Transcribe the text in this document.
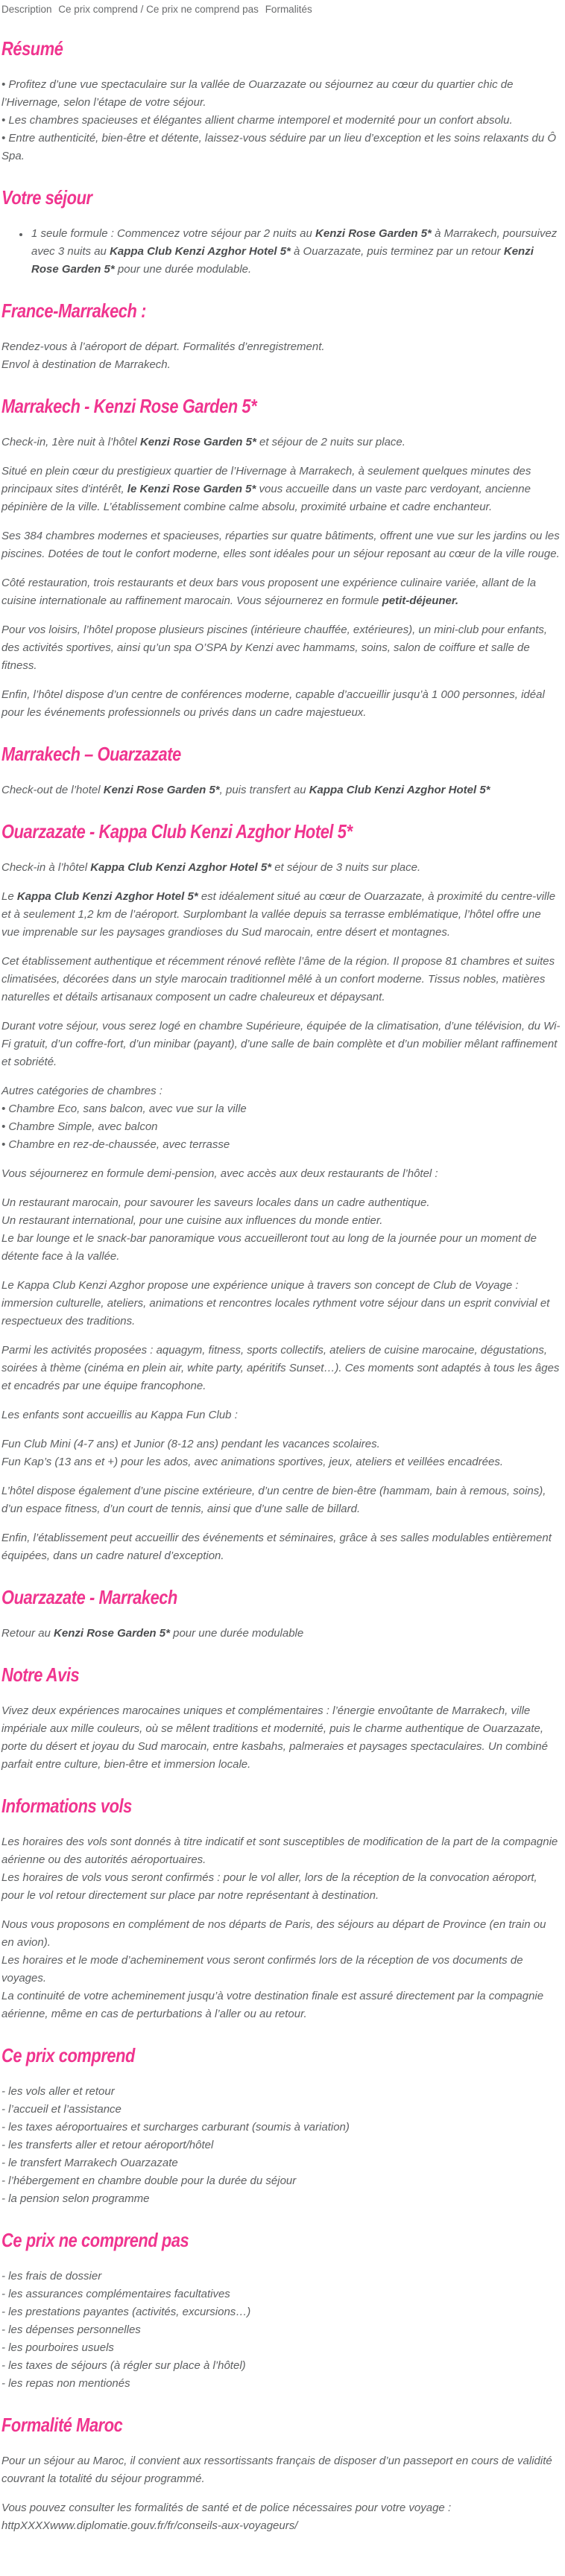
Description Ce prix comprend / Ce prix ne comprend pas Formalités
Résumé

• Profitez d’une vue spectaculaire sur la vallée de Ouarzazate ou séjournez au cœur du quartier chic de l’Hivernage, selon l’étape de votre séjour.
• Les chambres spacieuses et élégantes allient charme intemporel et modernité pour un confort absolu.
• Entre authenticité, bien-être et détente, laissez-vous séduire par un lieu d’exception et les soins relaxants du Ô Spa.

Votre séjour
• 1 seule formule : Commencez votre séjour par 2 nuits au Kenzi Rose Garden 5* à Marrakech, poursuivez avec 3 nuits au Kappa Club Kenzi Azghor Hotel 5* à Ouarzazate, puis terminez par un retour Kenzi Rose Garden 5* pour une durée modulable.
France-Marrakech :

Rendez-vous à l’aéroport de départ. Formalités d’enregistrement.
Envol à destination de Marrakech.

Marrakech - Kenzi Rose Garden 5*

Check-in, 1ère nuit à l’hôtel Kenzi Rose Garden 5* et séjour de 2 nuits sur place.

Situé en plein cœur du prestigieux quartier de l’Hivernage à Marrakech, à seulement quelques minutes des principaux sites d'intérêt, le Kenzi Rose Garden 5* vous accueille dans un vaste parc verdoyant, ancienne pépinière de la ville. L’établissement combine calme absolu, proximité urbaine et cadre enchanteur.

Ses 384 chambres modernes et spacieuses, réparties sur quatre bâtiments, offrent une vue sur les jardins ou les piscines. Dotées de tout le confort moderne, elles sont idéales pour un séjour reposant au cœur de la ville rouge.

Côté restauration, trois restaurants et deux bars vous proposent une expérience culinaire variée, allant de la cuisine internationale au raffinement marocain. Vous séjournerez en formule petit-déjeuner.

Pour vos loisirs, l’hôtel propose plusieurs piscines (intérieure chauffée, extérieures), un mini-club pour enfants, des activités sportives, ainsi qu’un spa O’SPA by Kenzi avec hammams, soins, salon de coiffure et salle de fitness.

Enfin, l’hôtel dispose d’un centre de conférences moderne, capable d’accueillir jusqu’à 1 000 personnes, idéal pour les événements professionnels ou privés dans un cadre majestueux.

Marrakech – Ouarzazate

Check-out de l’hotel Kenzi Rose Garden 5*, puis transfert au Kappa Club Kenzi Azghor Hotel 5*

Ouarzazate - Kappa Club Kenzi Azghor Hotel 5*

Check-in à l’hôtel Kappa Club Kenzi Azghor Hotel 5* et séjour de 3 nuits sur place.

Le Kappa Club Kenzi Azghor Hotel 5* est idéalement situé au cœur de Ouarzazate, à proximité du centre-ville et à seulement 1,2 km de l’aéroport. Surplombant la vallée depuis sa terrasse emblématique, l’hôtel offre une vue imprenable sur les paysages grandioses du Sud marocain, entre désert et montagnes.

Cet établissement authentique et récemment rénové reflète l’âme de la région. Il propose 81 chambres et suites climatisées, décorées dans un style marocain traditionnel mêlé à un confort moderne. Tissus nobles, matières naturelles et détails artisanaux composent un cadre chaleureux et dépaysant.

Durant votre séjour, vous serez logé en chambre Supérieure, équipée de la climatisation, d’une télévision, du Wi-Fi gratuit, d’un coffre-fort, d’un minibar (payant), d’une salle de bain complète et d’un mobilier mêlant raffinement et sobriété.

Autres catégories de chambres :
• Chambre Eco, sans balcon, avec vue sur la ville
• Chambre Simple, avec balcon
• Chambre en rez-de-chaussée, avec terrasse

Vous séjournerez en formule demi-pension, avec accès aux deux restaurants de l’hôtel :

Un restaurant marocain, pour savourer les saveurs locales dans un cadre authentique.
Un restaurant international, pour une cuisine aux influences du monde entier.
Le bar lounge et le snack-bar panoramique vous accueilleront tout au long de la journée pour un moment de détente face à la vallée.

Le Kappa Club Kenzi Azghor propose une expérience unique à travers son concept de Club de Voyage : immersion culturelle, ateliers, animations et rencontres locales rythment votre séjour dans un esprit convivial et respectueux des traditions.

Parmi les activités proposées : aquagym, fitness, sports collectifs, ateliers de cuisine marocaine, dégustations, soirées à thème (cinéma en plein air, white party, apéritifs Sunset…). Ces moments sont adaptés à tous les âges et encadrés par une équipe francophone.

Les enfants sont accueillis au Kappa Fun Club :

Fun Club Mini (4-7 ans) et Junior (8-12 ans) pendant les vacances scolaires.
Fun Kap’s (13 ans et +) pour les ados, avec animations sportives, jeux, ateliers et veillées encadrées.

L’hôtel dispose également d’une piscine extérieure, d’un centre de bien-être (hammam, bain à remous, soins), d’un espace fitness, d’un court de tennis, ainsi que d’une salle de billard.

Enfin, l’établissement peut accueillir des événements et séminaires, grâce à ses salles modulables entièrement équipées, dans un cadre naturel d’exception.

Ouarzazate - Marrakech

Retour au Kenzi Rose Garden 5* pour une durée modulable

Notre Avis

Vivez deux expériences marocaines uniques et complémentaires : l’énergie envoûtante de Marrakech, ville impériale aux mille couleurs, où se mêlent traditions et modernité, puis le charme authentique de Ouarzazate, porte du désert et joyau du Sud marocain, entre kasbahs, palmeraies et paysages spectaculaires. Un combiné parfait entre culture, bien-être et immersion locale.

Informations vols

Les horaires des vols sont donnés à titre indicatif et sont susceptibles de modification de la part de la compagnie aérienne ou des autorités aéroportuaires.
Les horaires de vols vous seront confirmés : pour le vol aller, lors de la réception de la convocation aéroport, pour le vol retour directement sur place par notre représentant à destination.

Nous vous proposons en complément de nos départs de Paris, des séjours au départ de Province (en train ou en avion).
Les horaires et le mode d’acheminement vous seront confirmés lors de la réception de vos documents de voyages.
La continuité de votre acheminement jusqu’à votre destination finale est assuré directement par la compagnie aérienne, même en cas de perturbations à l’aller ou au retour.

Ce prix comprend

- les vols aller et retour
- l’accueil et l’assistance
- les taxes aéroportuaires et surcharges carburant (soumis à variation)
- les transferts aller et retour aéroport/hôtel
- le transfert Marrakech Ouarzazate
- l’hébergement en chambre double pour la durée du séjour
- la pension selon programme

Ce prix ne comprend pas

- les frais de dossier
- les assurances complémentaires facultatives
- les prestations payantes (activités, excursions…)
- les dépenses personnelles
- les pourboires usuels
- les taxes de séjours (à régler sur place à l’hôtel)
- les repas non mentionés

Formalité Maroc

Pour un séjour au Maroc, il convient aux ressortissants français de disposer d’un passeport en cours de validité couvrant la totalité du séjour programmé.

Vous pouvez consulter les formalités de santé et de police nécessaires pour votre voyage :
httpXXXXwww.diplomatie.gouv.fr/fr/conseils-aux-voyageurs/
